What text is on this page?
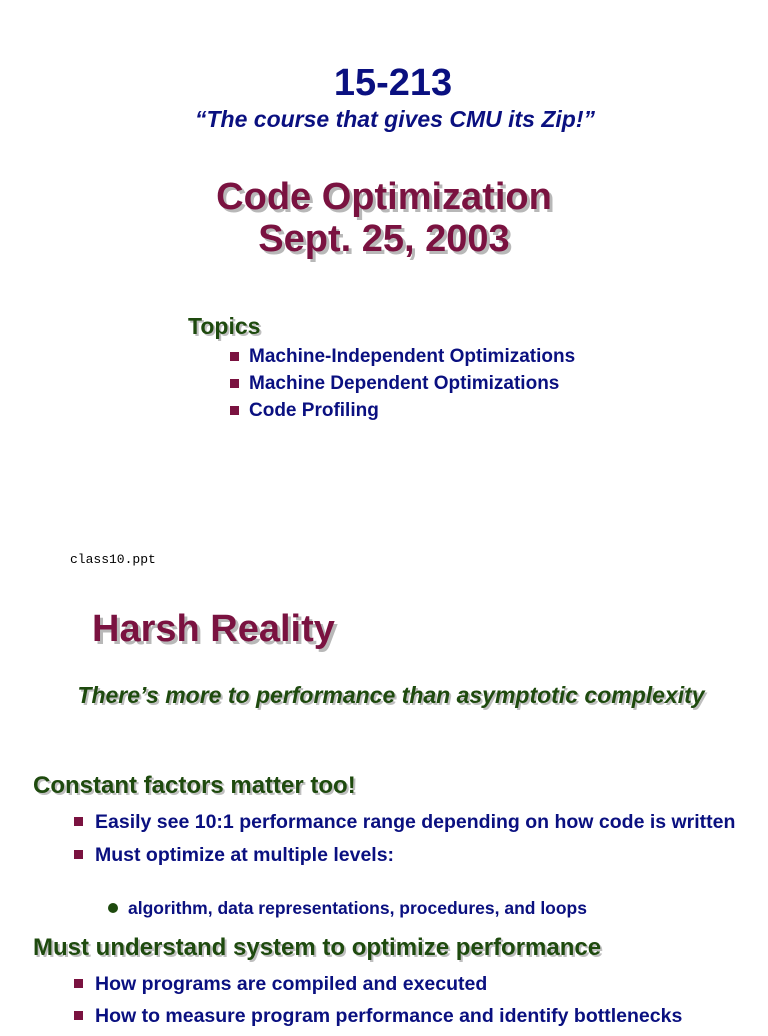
15-213
“The course that gives CMU its Zip!”
Code Optimization
Sept. 25, 2003
Topics
Machine-Independent Optimizations
Machine Dependent Optimizations
Code Profiling
class10.ppt
Harsh Reality
There’s more to performance than asymptotic complexity
Constant factors matter too!
Easily see 10:1 performance range depending on how code is written
Must optimize at multiple levels:
algorithm, data representations, procedures, and loops
Must understand system to optimize performance
How programs are compiled and executed
How to measure program performance and identify bottlenecks
